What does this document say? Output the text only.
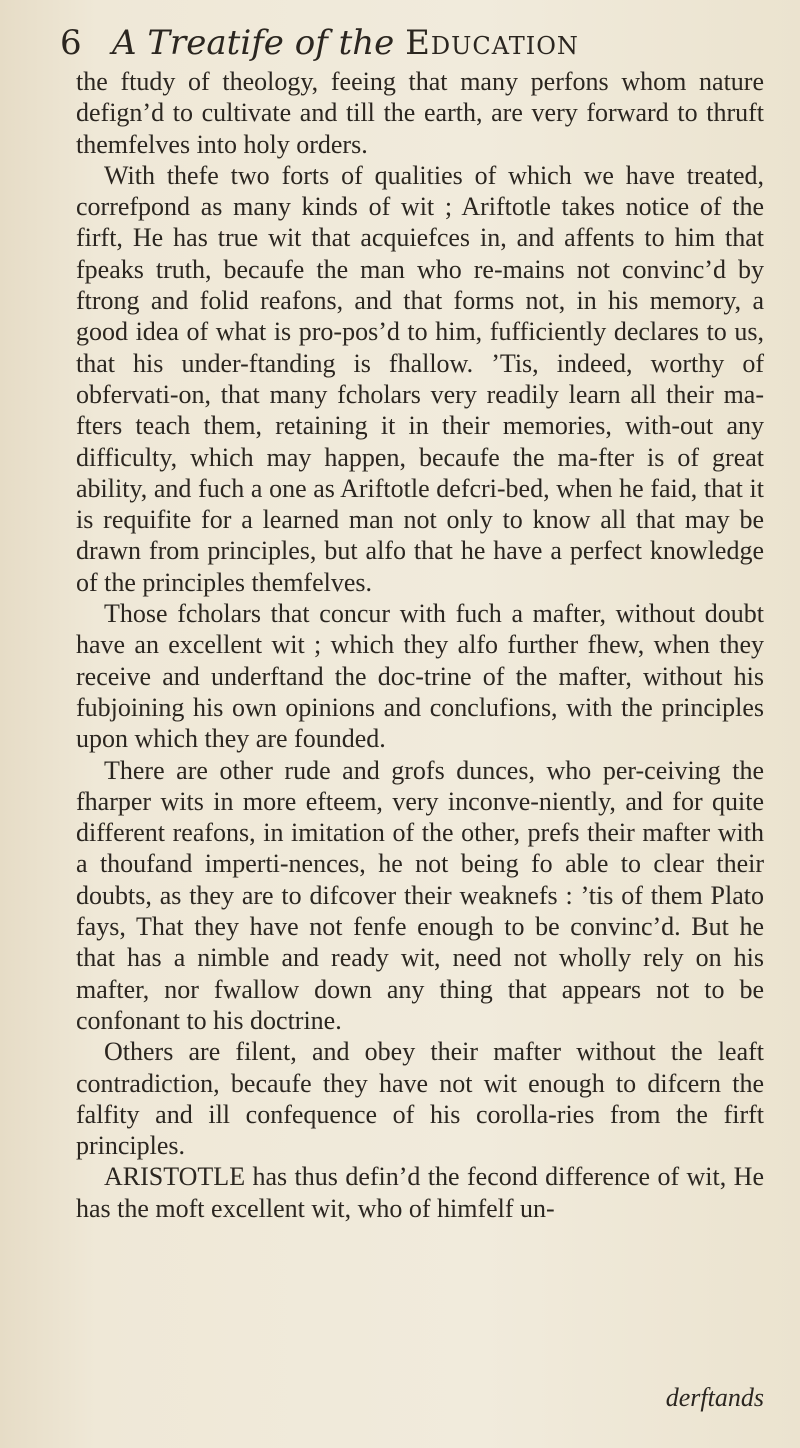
6 A Treatife of the Education

the ftudy of theology, feeing that many perfons whom nature defign’d to cultivate and till the earth, are very forward to thruft themfelves into holy orders.

With thefe two forts of qualities of which we have treated, correfpond as many kinds of wit ; Ariftotle takes notice of the firft, He has true wit that acquiefces in, and affents to him that fpeaks truth, becaufe the man who re-mains not convinc’d by ftrong and folid reafons, and that forms not, in his memory, a good idea of what is pro-pos’d to him, fufficiently declares to us, that his under-ftanding is fhallow. ’Tis, indeed, worthy of obfervati-on, that many fcholars very readily learn all their ma-fters teach them, retaining it in their memories, with-out any difficulty, which may happen, becaufe the ma-fter is of great ability, and fuch a one as Ariftotle defcri-bed, when he faid, that it is requifite for a learned man not only to know all that may be drawn from principles, but alfo that he have a perfect knowledge of the principles themfelves.

Those fcholars that concur with fuch a mafter, without doubt have an excellent wit ; which they alfo further fhew, when they receive and underftand the doc-trine of the mafter, without his fubjoining his own opinions and conclufions, with the principles upon which they are founded.

There are other rude and grofs dunces, who per-ceiving the fharper wits in more efteem, very inconve-niently, and for quite different reafons, in imitation of the other, prefs their mafter with a thoufand imperti-nences, he not being fo able to clear their doubts, as they are to difcover their weaknefs : ’tis of them Plato fays, That they have not fenfe enough to be convinc’d. But he that has a nimble and ready wit, need not wholly rely on his mafter, nor fwallow down any thing that appears not to be confonant to his doctrine.

Others are filent, and obey their mafter without the leaft contradiction, becaufe they have not wit enough to difcern the falfity and ill confequence of his corolla-ries from the firft principles.

ARISTOTLE has thus defin’d the fecond difference of wit, He has the moft excellent wit, who of himfelf un-

derftands
